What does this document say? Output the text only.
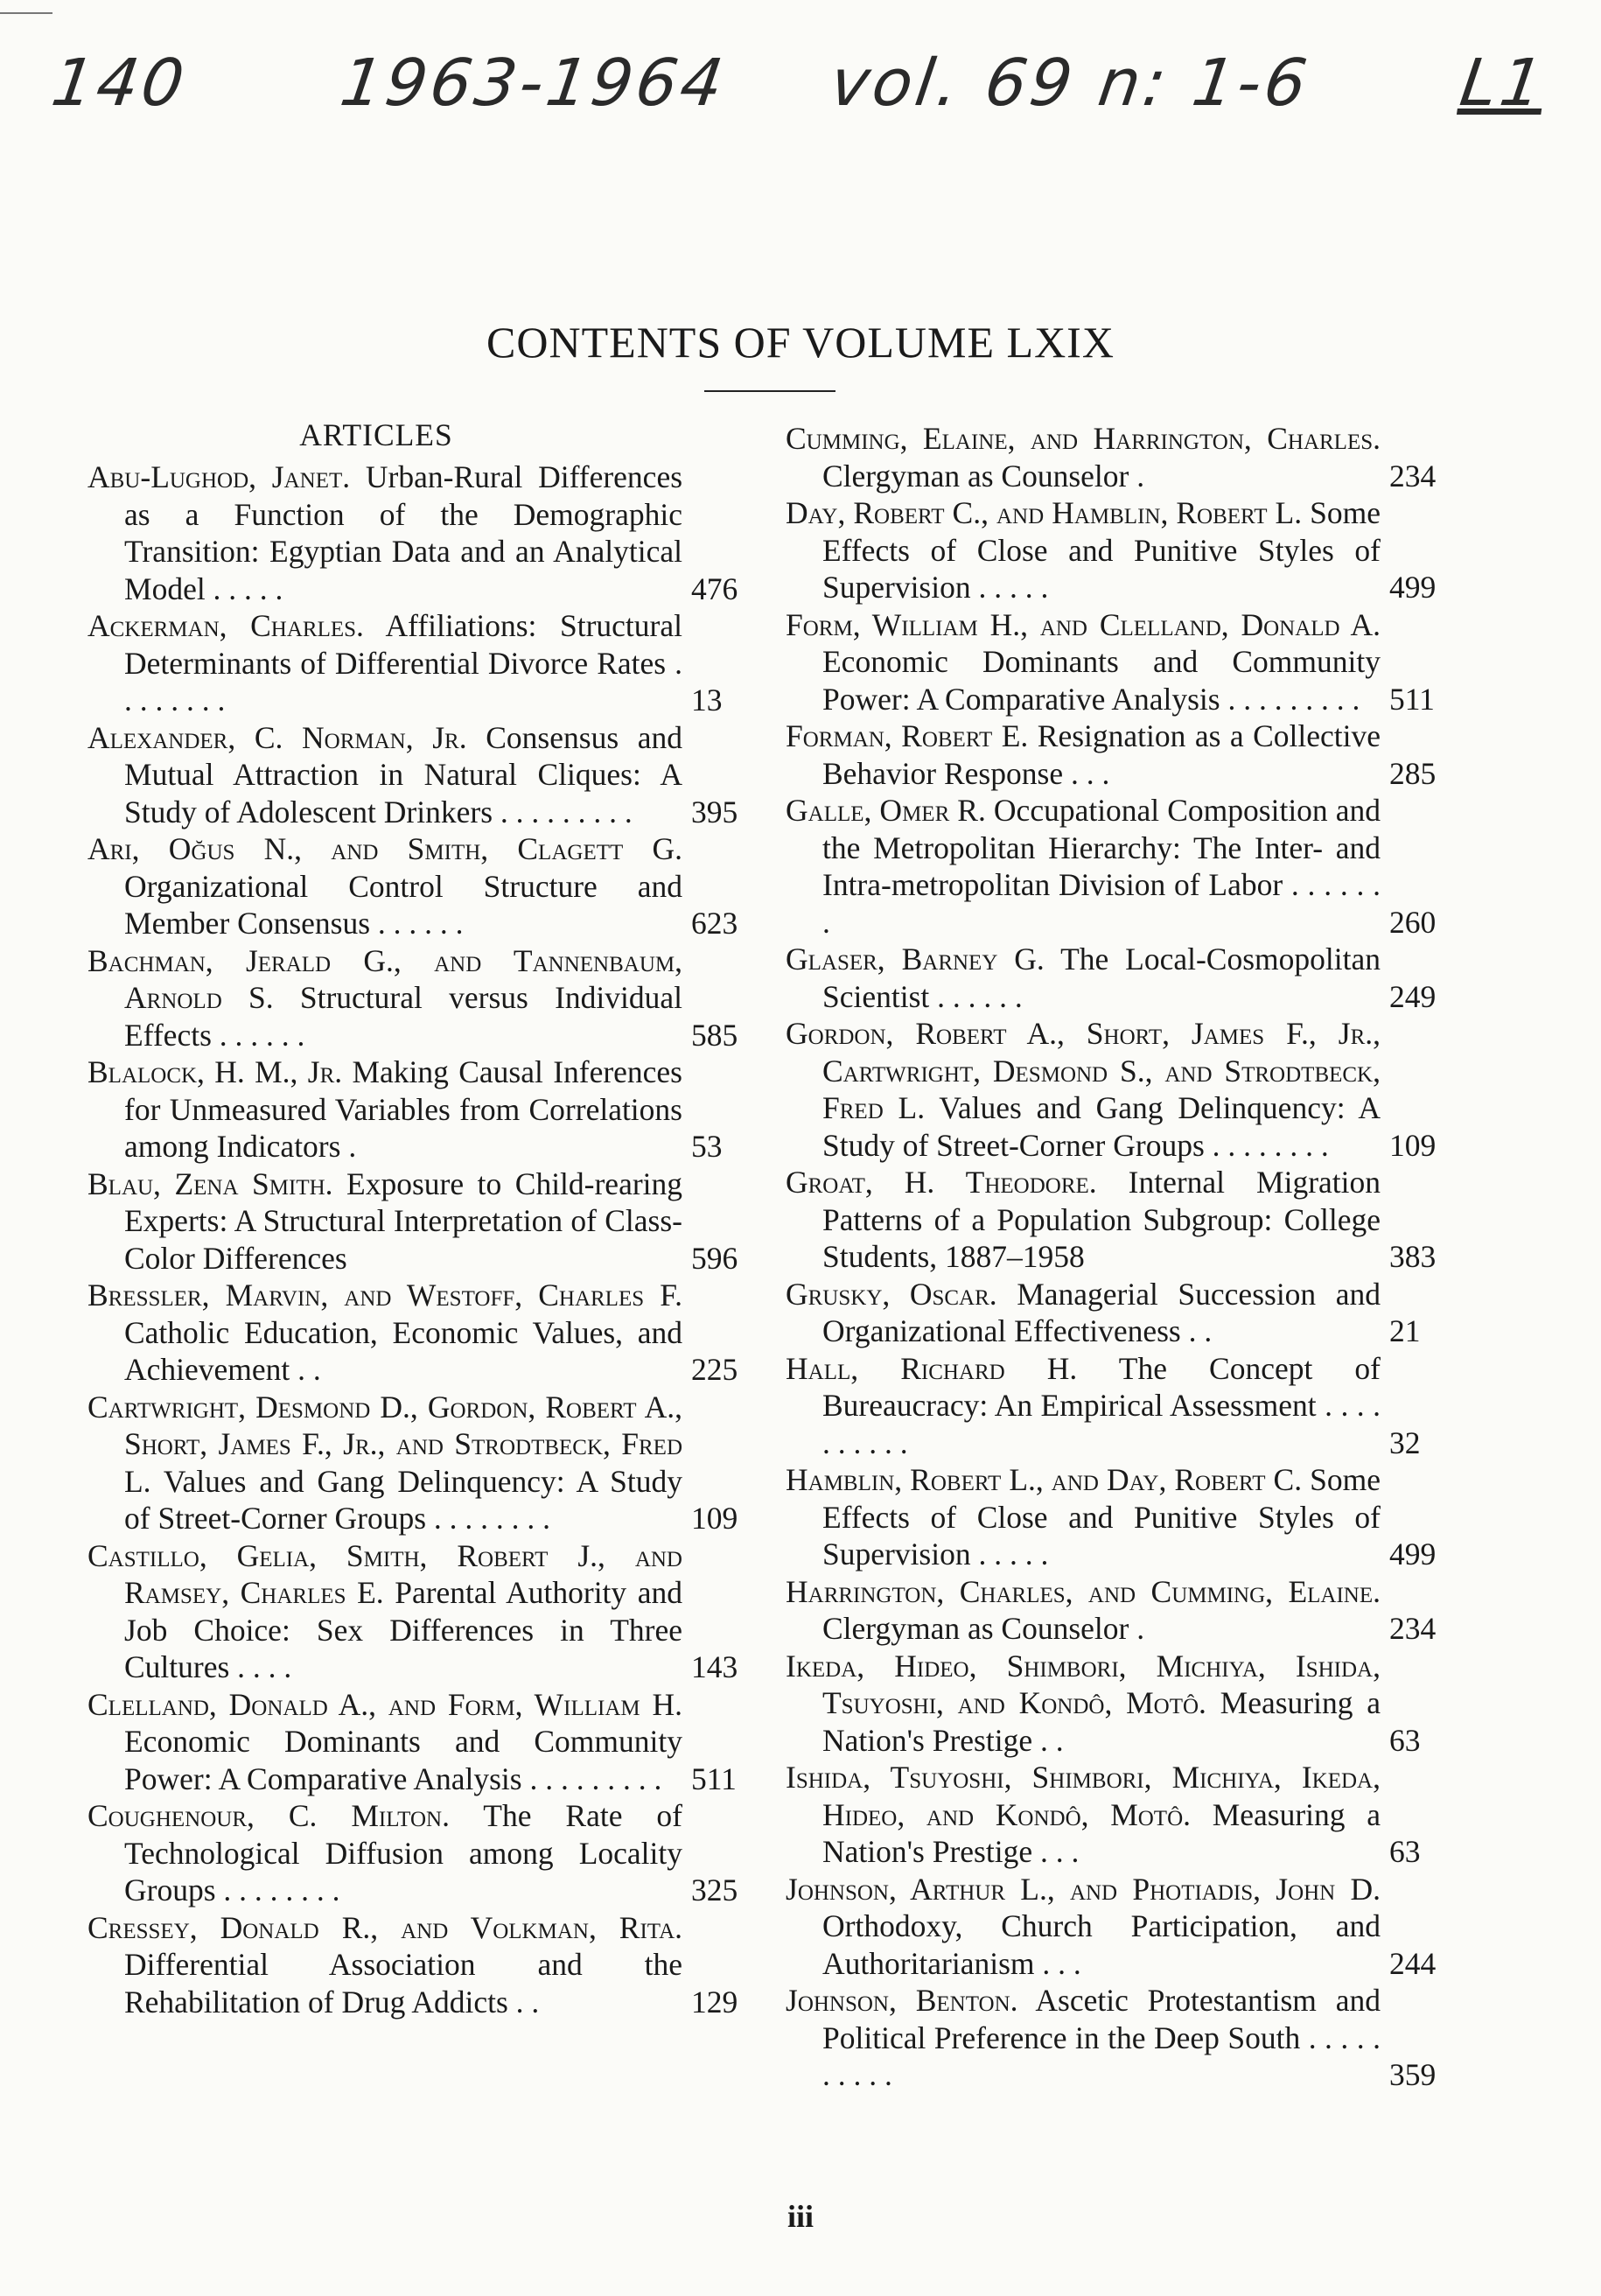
140 1963-1964 vol. 69 n: 1-6 L1
CONTENTS OF VOLUME LXIX
ARTICLES
Abu-Lughod, Janet. Urban-Rural Differences as a Function of the Demographic Transition: Egyptian Data and an Analytical Model . . . . .	476
Ackerman, Charles. Affiliations: Structural Determinants of Differential Divorce Rates . . . . . . . .	13
Alexander, C. Norman, Jr. Consensus and Mutual Attraction in Natural Cliques: A Study of Adolescent Drinkers . . . . . . . . . 395
Ari, Oğus N., and Smith, Clagett G. Organizational Control Structure and Member Consensus . . . . . .	623
Bachman, Jerald G., and Tannenbaum, Arnold S. Structural versus Individual Effects . . . . . .	585
Blalock, H. M., Jr. Making Causal Inferences for Unmeasured Variables from Correlations among Indicators .	53
Blau, Zena Smith. Exposure to Child-rearing Experts: A Structural Interpretation of Class-Color Differences	596
Bressler, Marvin, and Westoff, Charles F. Catholic Education, Economic Values, and Achievement . .	225
Cartwright, Desmond D., Gordon, Robert A., Short, James F., Jr., and Strodtbeck, Fred L. Values and Gang Delinquency: A Study of Street-Corner Groups . . . . . . . .	109
Castillo, Gelia, Smith, Robert J., and Ramsey, Charles E. Parental Authority and Job Choice: Sex Differences in Three Cultures . . . .	143
Clelland, Donald A., and Form, William H. Economic Dominants and Community Power: A Comparative Analysis . . . . . . . . . 511
Coughenour, C. Milton. The Rate of Technological Diffusion among Locality Groups . . . . . . . .	325
Cressey, Donald R., and Volkman, Rita. Differential Association and the Rehabilitation of Drug Addicts . .	129
Cumming, Elaine, and Harrington, Charles. Clergyman as Counselor .	234
Day, Robert C., and Hamblin, Robert L. Some Effects of Close and Punitive Styles of Supervision . . . . .	499
Form, William H., and Clelland, Donald A. Economic Dominants and Community Power: A Comparative Analysis . . . . . . . . . 511
Forman, Robert E. Resignation as a Collective Behavior Response . . .	285
Galle, Omer R. Occupational Composition and the Metropolitan Hierarchy: The Inter- and Intra-metropolitan Division of Labor . . . . . . .	260
Glaser, Barney G. The Local-Cosmopolitan Scientist . . . . . .	249
Gordon, Robert A., Short, James F., Jr., Cartwright, Desmond S., and Strodtbeck, Fred L. Values and Gang Delinquency: A Study of Street-Corner Groups . . . . . . . . 109
Groat, H. Theodore. Internal Migration Patterns of a Population Subgroup: College Students, 1887–1958	383
Grusky, Oscar. Managerial Succession and Organizational Effectiveness . .	21
Hall, Richard H. The Concept of Bureaucracy: An Empirical Assessment . . . . . . . . . .	32
Hamblin, Robert L., and Day, Robert C. Some Effects of Close and Punitive Styles of Supervision . . . . .	499
Harrington, Charles, and Cumming, Elaine. Clergyman as Counselor .	234
Ikeda, Hideo, Shimbori, Michiya, Ishida, Tsuyoshi, and Kondô, Motô. Measuring a Nation's Prestige . .	63
Ishida, Tsuyoshi, Shimbori, Michiya, Ikeda, Hideo, and Kondô, Motô. Measuring a Nation's Prestige . . .	63
Johnson, Arthur L., and Photiadis, John D. Orthodoxy, Church Participation, and Authoritarianism . . .	244
Johnson, Benton. Ascetic Protestantism and Political Preference in the Deep South . . . . . . . . . .	359
iii
